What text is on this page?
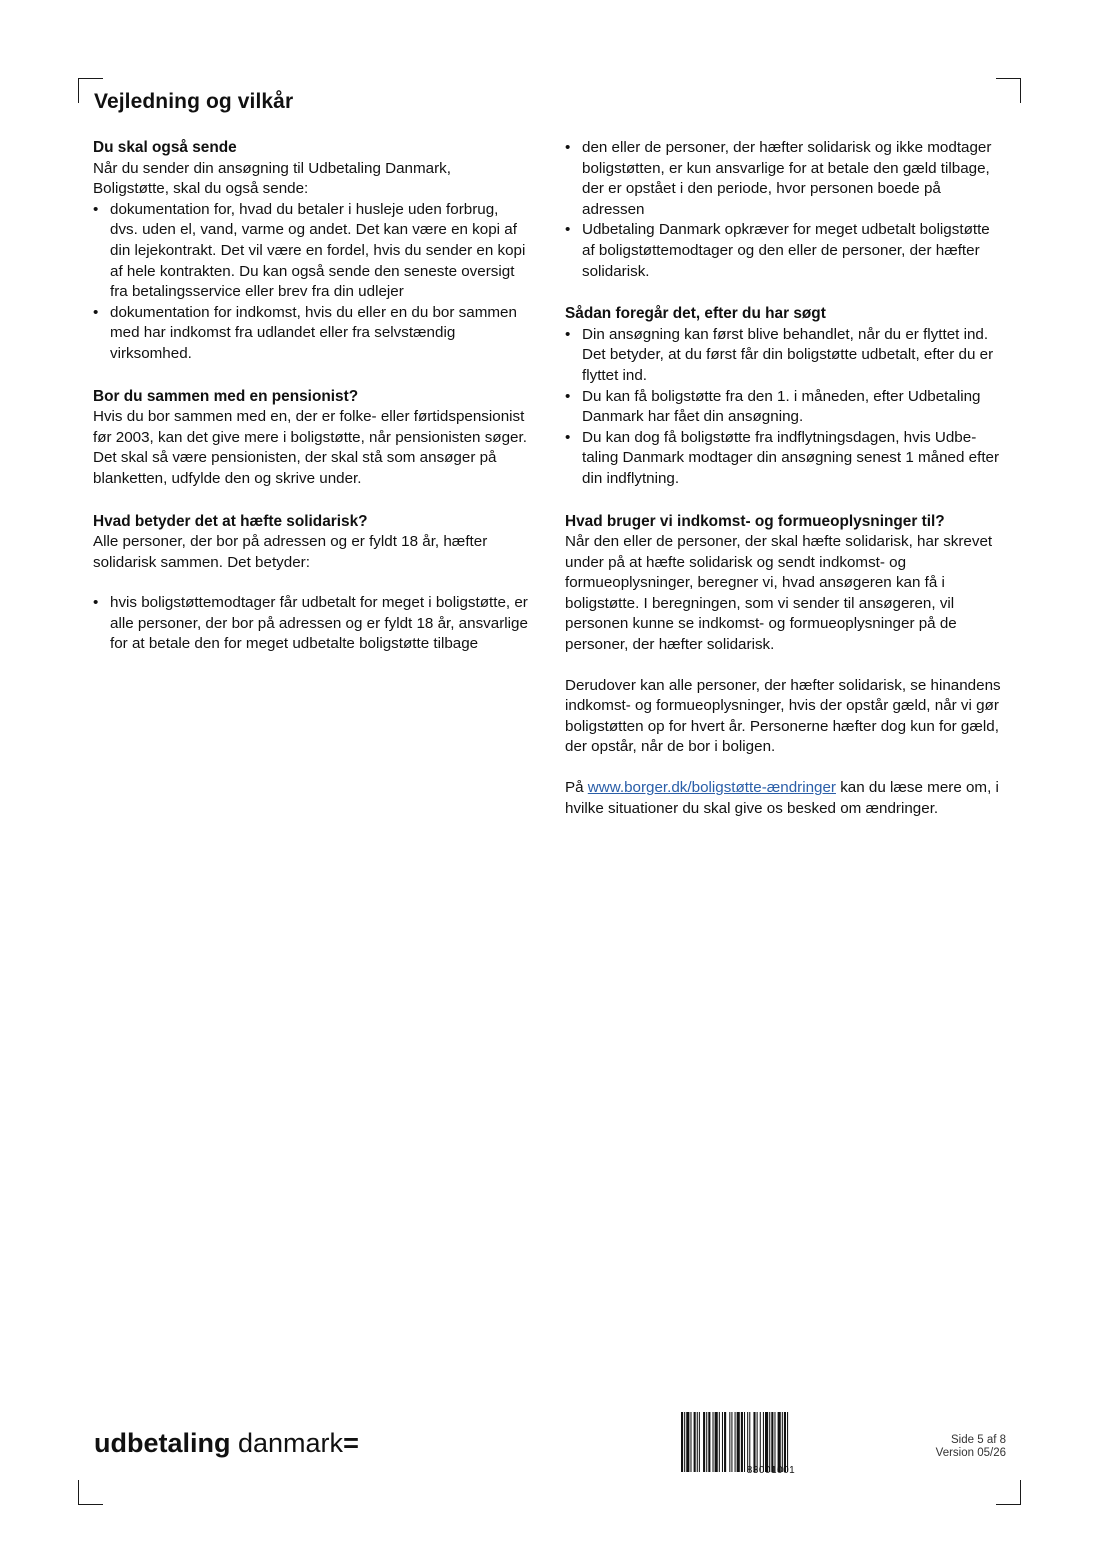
Vejledning og vilkår
Du skal også sende

Når du sender din ansøgning til Udbetaling Danmark, Boligstøtte, skal du også sende:

• dokumentation for, hvad du betaler i husleje uden forbrug, dvs. uden el, vand, varme og andet. Det kan være en kopi af din lejekontrakt. Det vil være en fordel, hvis du sender en kopi af hele kontrakten. Du kan også sende den seneste oversigt fra betalingsservice eller brev fra din udlejer
• dokumentation for indkomst, hvis du eller en du bor sammen med har indkomst fra udlandet eller fra selvstændig virksomhed.
Bor du sammen med en pensionist?

Hvis du bor sammen med en, der er folke- eller førtidspensionist før 2003, kan det give mere i boligstøtte, når pensionisten søger. Det skal så være pensionisten, der skal stå som ansøger på blanketten, udfylde den og skrive under.

Hvad betyder det at hæfte solidarisk?

Alle personer, der bor på adressen og er fyldt 18 år, hæfter solidarisk sammen. Det betyder:

• hvis boligstøttemodtager får udbetalt for meget i boligstøtte, er alle personer, der bor på adressen og er fyldt 18 år, ansvarlige for at betale den for meget udbetalte boligstøtte tilbage
• den eller de personer, der hæfter solidarisk og ikke modtager boligstøtten, er kun ansvarlige for at betale den gæld tilbage, der er opstået i den periode, hvor personen boede på adressen
• Udbetaling Danmark opkræver for meget udbetalt boligstøtte af boligstøttemodtager og den eller de personer, der hæfter solidarisk.
Sådan foregår det, efter du har søgt
• Din ansøgning kan først blive behandlet, når du er flyttet ind. Det betyder, at du først får din boligstøtte udbetalt, efter du er flyttet ind.
• Du kan få boligstøtte fra den 1. i måneden, efter Udbetaling Danmark har fået din ansøgning.
• Du kan dog få boligstøtte fra indflytningsdagen, hvis Udbetaling Danmark modtager din ansøgning senest 1 måned efter din indflytning.
Hvad bruger vi indkomst- og formueoplysninger til?

Når den eller de personer, der skal hæfte solidarisk, har skrevet under på at hæfte solidarisk og sendt indkomst- og formueoplysninger, beregner vi, hvad ansøgeren kan få i boligstøtte. I beregningen, som vi sender til ansøgeren, vil personen kunne se indkomst- og formueoplysninger på de personer, der hæfter solidarisk.

Derudover kan alle personer, der hæfter solidarisk, se hinandens indkomst- og formueoplysninger, hvis der opstår gæld, når vi gør boligstøtten op for hvert år. Personerne hæfter dog kun for gæld, der opstår, når de bor i boligen.

På www.borger.dk/boligstøtte-ændringer kan du læse mere om, i hvilke situationer du skal give os besked om ændringer.

udbetaling danmark=
83001001
Side 5 af 8
Version 05/26
